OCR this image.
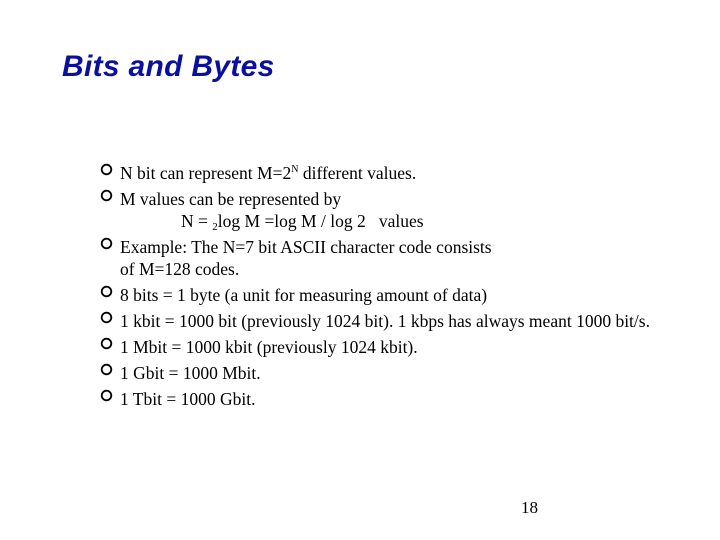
Bits and Bytes
N bit can represent $M=2^N$ different values.
M values can be represented by
N = $_2$log M =log M / log 2   values
Example: The N=7 bit ASCII character code consists of M=128 codes.
8 bits = 1 byte (a unit for measuring amount of data)
1 kbit = 1000 bit (previously 1024 bit). 1 kbps has always meant 1000 bit/s.
1 Mbit = 1000 kbit (previously 1024 kbit).
1 Gbit = 1000 Mbit.
1 Tbit = 1000 Gbit.
18
